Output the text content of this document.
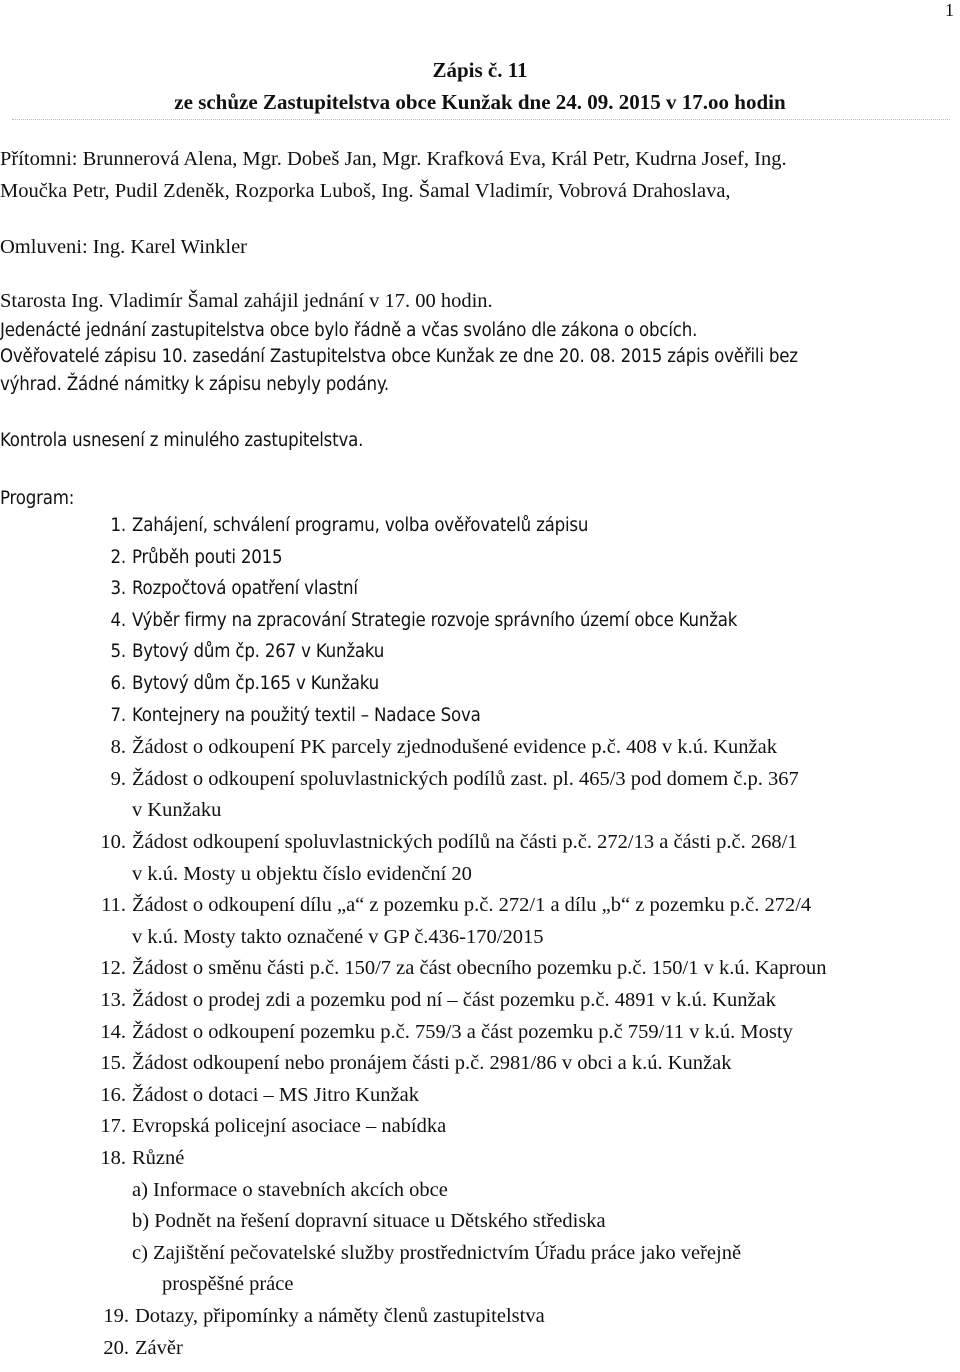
1
Zápis č. 11
ze schůze Zastupitelstva obce Kunžak dne 24. 09. 2015 v 17.oo hodin
Přítomni: Brunnerová Alena, Mgr. Dobeš Jan, Mgr. Krafková Eva, Král Petr, Kudrna Josef, Ing.
Moučka Petr, Pudil Zdeněk, Rozporka Luboš, Ing. Šamal Vladimír, Vobrová Drahoslava,
Omluveni: Ing. Karel Winkler
Starosta Ing. Vladimír Šamal zahájil jednání v 17. 00 hodin.
Jedenácté jednání zastupitelstva obce bylo řádně a včas svoláno dle zákona o obcích.
Ověřovatelé zápisu 10. zasedání Zastupitelstva obce Kunžak ze dne 20. 08. 2015 zápis ověřili bez
výhrad. Žádné námitky k zápisu nebyly podány.
Kontrola usnesení z minulého zastupitelstva.
Program:
1. Zahájení, schválení programu, volba ověřovatelů zápisu
2. Průběh pouti 2015
3. Rozpočtová opatření vlastní
4. Výběr firmy na zpracování Strategie rozvoje správního území obce Kunžak
5. Bytový dům čp. 267 v Kunžaku
6. Bytový dům čp.165 v Kunžaku
7. Kontejnery na použitý textil – Nadace Sova
8. Žádost o odkoupení PK parcely zjednodušené evidence p.č. 408 v k.ú. Kunžak
9. Žádost o odkoupení spoluvlastnických podílů zast. pl. 465/3 pod domem č.p. 367
v Kunžaku
10. Žádost odkoupení spoluvlastnických podílů na části p.č. 272/13 a části p.č. 268/1
v k.ú. Mosty u objektu číslo evidenční 20
11. Žádost o odkoupení dílu „a“ z pozemku p.č. 272/1 a dílu „b“ z pozemku p.č. 272/4
v k.ú. Mosty takto označené v GP č.436-170/2015
12. Žádost o směnu části p.č. 150/7 za část obecního pozemku p.č. 150/1 v k.ú. Kaproun
13. Žádost o prodej zdi a pozemku pod ní – část pozemku p.č. 4891 v k.ú. Kunžak
14. Žádost o odkoupení pozemku p.č. 759/3 a část pozemku p.č 759/11 v k.ú. Mosty
15. Žádost odkoupení nebo pronájem části p.č. 2981/86 v obci a k.ú. Kunžak
16. Žádost o dotaci – MS Jitro Kunžak
17. Evropská policejní asociace – nabídka
18. Různé
a) Informace o stavebních akcích obce
b) Podnět na řešení dopravní situace u Dětského střediska
c) Zajištění pečovatelské služby prostřednictvím Úřadu práce jako veřejně
prospěšné práce
19. Dotazy, připomínky a náměty členů zastupitelstva
20. Závěr
